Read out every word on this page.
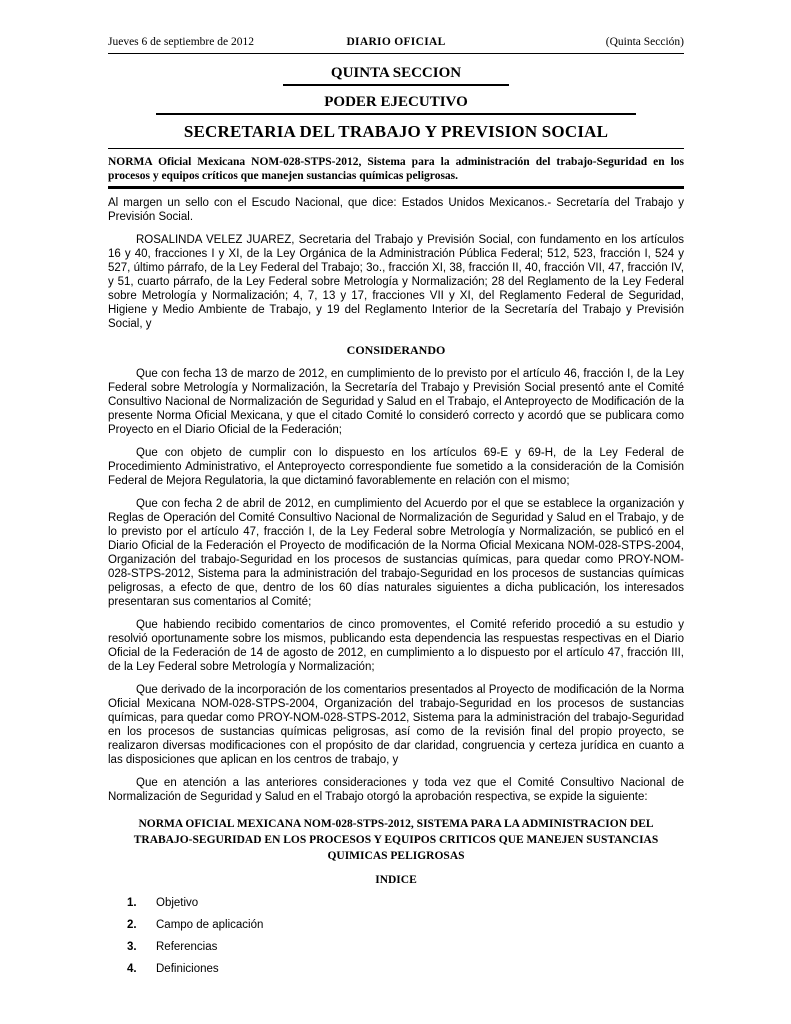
Jueves 6 de septiembre de 2012	DIARIO OFICIAL	(Quinta Sección)
QUINTA SECCION
PODER EJECUTIVO
SECRETARIA DEL TRABAJO Y PREVISION SOCIAL

NORMA Oficial Mexicana NOM-028-STPS-2012, Sistema para la administración del trabajo-Seguridad en los procesos y equipos críticos que manejen sustancias químicas peligrosas.

Al margen un sello con el Escudo Nacional, que dice: Estados Unidos Mexicanos.- Secretaría del Trabajo y Previsión Social.

ROSALINDA VELEZ JUAREZ, Secretaria del Trabajo y Previsión Social, con fundamento en los artículos 16 y 40, fracciones I y XI, de la Ley Orgánica de la Administración Pública Federal; 512, 523, fracción I, 524 y 527, último párrafo, de la Ley Federal del Trabajo; 3o., fracción XI, 38, fracción II, 40, fracción VII, 47, fracción IV, y 51, cuarto párrafo, de la Ley Federal sobre Metrología y Normalización; 28 del Reglamento de la Ley Federal sobre Metrología y Normalización; 4, 7, 13 y 17, fracciones VII y XI, del Reglamento Federal de Seguridad, Higiene y Medio Ambiente de Trabajo, y 19 del Reglamento Interior de la Secretaría del Trabajo y Previsión Social, y

CONSIDERANDO

Que con fecha 13 de marzo de 2012, en cumplimiento de lo previsto por el artículo 46, fracción I, de la Ley Federal sobre Metrología y Normalización, la Secretaría del Trabajo y Previsión Social presentó ante el Comité Consultivo Nacional de Normalización de Seguridad y Salud en el Trabajo, el Anteproyecto de Modificación de la presente Norma Oficial Mexicana, y que el citado Comité lo consideró correcto y acordó que se publicara como Proyecto en el Diario Oficial de la Federación;

Que con objeto de cumplir con lo dispuesto en los artículos 69-E y 69-H, de la Ley Federal de Procedimiento Administrativo, el Anteproyecto correspondiente fue sometido a la consideración de la Comisión Federal de Mejora Regulatoria, la que dictaminó favorablemente en relación con el mismo;

Que con fecha 2 de abril de 2012, en cumplimiento del Acuerdo por el que se establece la organización y Reglas de Operación del Comité Consultivo Nacional de Normalización de Seguridad y Salud en el Trabajo, y de lo previsto por el artículo 47, fracción I, de la Ley Federal sobre Metrología y Normalización, se publicó en el Diario Oficial de la Federación el Proyecto de modificación de la Norma Oficial Mexicana NOM-028-STPS-2004, Organización del trabajo-Seguridad en los procesos de sustancias químicas, para quedar como PROY-NOM-028-STPS-2012, Sistema para la administración del trabajo-Seguridad en los procesos de sustancias químicas peligrosas, a efecto de que, dentro de los 60 días naturales siguientes a dicha publicación, los interesados presentaran sus comentarios al Comité;

Que habiendo recibido comentarios de cinco promoventes, el Comité referido procedió a su estudio y resolvió oportunamente sobre los mismos, publicando esta dependencia las respuestas respectivas en el Diario Oficial de la Federación de 14 de agosto de 2012, en cumplimiento a lo dispuesto por el artículo 47, fracción III, de la Ley Federal sobre Metrología y Normalización;

Que derivado de la incorporación de los comentarios presentados al Proyecto de modificación de la Norma Oficial Mexicana NOM-028-STPS-2004, Organización del trabajo-Seguridad en los procesos de sustancias químicas, para quedar como PROY-NOM-028-STPS-2012, Sistema para la administración del trabajo-Seguridad en los procesos de sustancias químicas peligrosas, así como de la revisión final del propio proyecto, se realizaron diversas modificaciones con el propósito de dar claridad, congruencia y certeza jurídica en cuanto a las disposiciones que aplican en los centros de trabajo, y

Que en atención a las anteriores consideraciones y toda vez que el Comité Consultivo Nacional de Normalización de Seguridad y Salud en el Trabajo otorgó la aprobación respectiva, se expide la siguiente:

NORMA OFICIAL MEXICANA NOM-028-STPS-2012, SISTEMA PARA LA ADMINISTRACION DEL TRABAJO-SEGURIDAD EN LOS PROCESOS Y EQUIPOS CRITICOS QUE MANEJEN SUSTANCIAS QUIMICAS PELIGROSAS
INDICE
1.	Objetivo
2.	Campo de aplicación
3.	Referencias
4.	Definiciones
